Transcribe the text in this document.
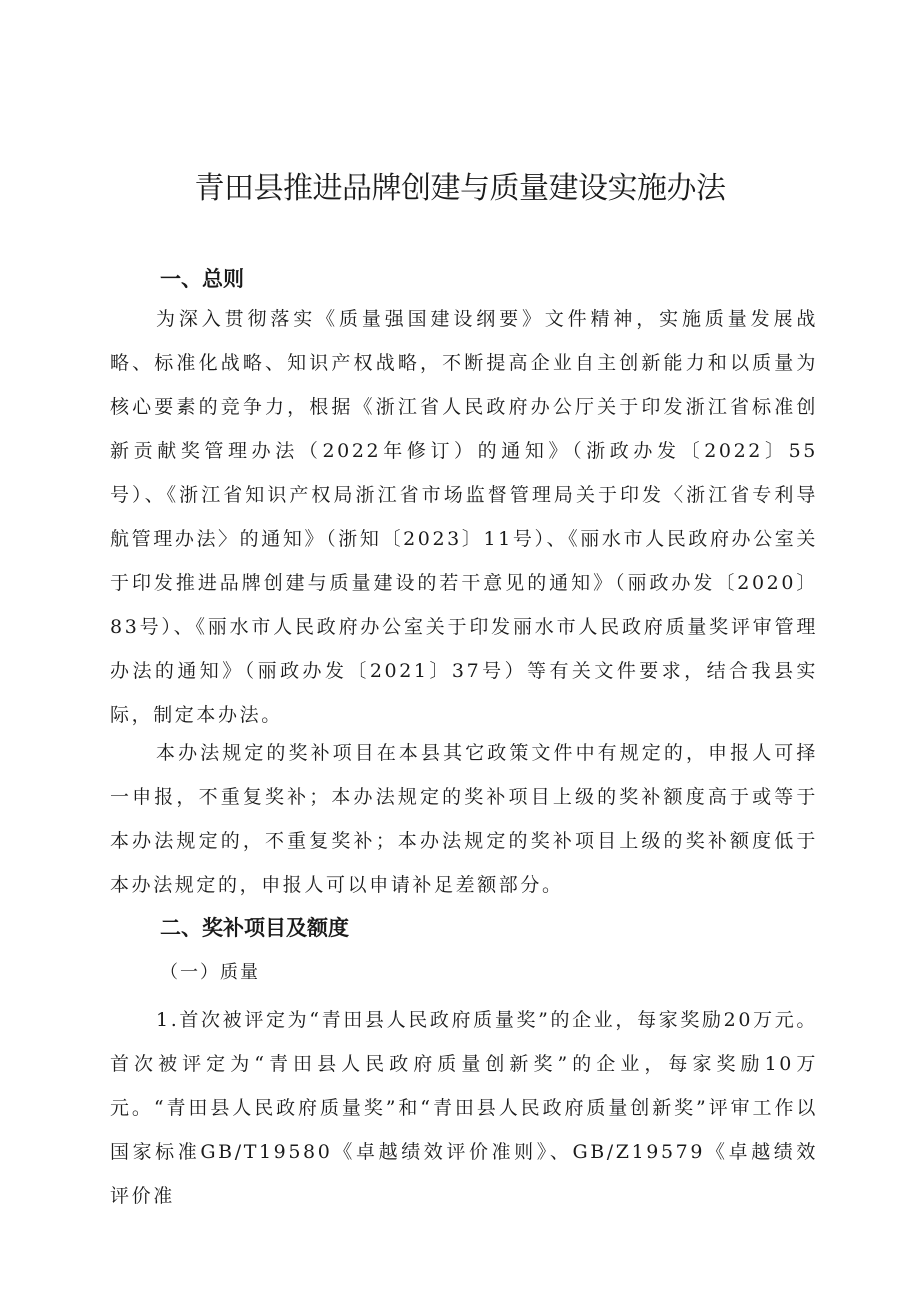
青田县推进品牌创建与质量建设实施办法
一、总则

为深入贯彻落实《质量强国建设纲要》文件精神，实施质量发展战略、标准化战略、知识产权战略，不断提高企业自主创新能力和以质量为核心要素的竞争力，根据《浙江省人民政府办公厅关于印发浙江省标准创新贡献奖管理办法（2022年修订）的通知》（浙政办发〔2022〕55号）、《浙江省知识产权局浙江省市场监督管理局关于印发〈浙江省专利导航管理办法〉的通知》（浙知〔2023〕11号）、《丽水市人民政府办公室关于印发推进品牌创建与质量建设的若干意见的通知》（丽政办发〔2020〕83号）、《丽水市人民政府办公室关于印发丽水市人民政府质量奖评审管理办法的通知》（丽政办发〔2021〕37号）等有关文件要求，结合我县实际，制定本办法。

本办法规定的奖补项目在本县其它政策文件中有规定的，申报人可择一申报，不重复奖补；本办法规定的奖补项目上级的奖补额度高于或等于本办法规定的，不重复奖补；本办法规定的奖补项目上级的奖补额度低于本办法规定的，申报人可以申请补足差额部分。

二、奖补项目及额度

（一）质量

1.首次被评定为“青田县人民政府质量奖”的企业，每家奖励20万元。首次被评定为“青田县人民政府质量创新奖”的企业，每家奖励10万元。“青田县人民政府质量奖”和“青田县人民政府质量创新奖”评审工作以国家标准GB/T19580《卓越绩效评价准则》、GB/Z19579《卓越绩效评价准
